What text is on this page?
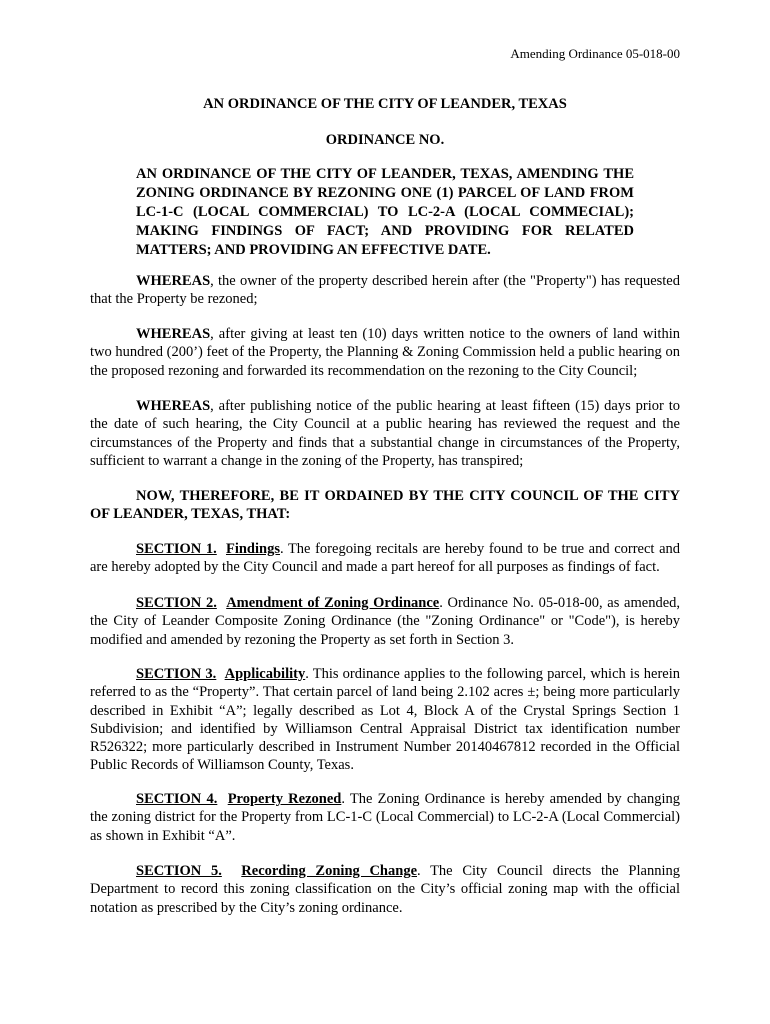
Amending Ordinance 05-018-00
AN ORDINANCE OF THE CITY OF LEANDER, TEXAS
ORDINANCE NO.
AN ORDINANCE OF THE CITY OF LEANDER, TEXAS, AMENDING THE ZONING ORDINANCE BY REZONING ONE (1) PARCEL OF LAND FROM LC-1-C (LOCAL COMMERCIAL) TO LC-2-A (LOCAL COMMECIAL); MAKING FINDINGS OF FACT; AND PROVIDING FOR RELATED MATTERS; AND PROVIDING AN EFFECTIVE DATE.
WHEREAS, the owner of the property described herein after (the "Property") has requested that the Property be rezoned;
WHEREAS, after giving at least ten (10) days written notice to the owners of land within two hundred (200’) feet of the Property, the Planning & Zoning Commission held a public hearing on the proposed rezoning and forwarded its recommendation on the rezoning to the City Council;
WHEREAS, after publishing notice of the public hearing at least fifteen (15) days prior to the date of such hearing, the City Council at a public hearing has reviewed the request and the circumstances of the Property and finds that a substantial change in circumstances of the Property, sufficient to warrant a change in the zoning of the Property, has transpired;
NOW, THEREFORE, BE IT ORDAINED BY THE CITY COUNCIL OF THE CITY OF LEANDER, TEXAS, THAT:
SECTION 1. Findings. The foregoing recitals are hereby found to be true and correct and are hereby adopted by the City Council and made a part hereof for all purposes as findings of fact.
SECTION 2. Amendment of Zoning Ordinance. Ordinance No. 05-018-00, as amended, the City of Leander Composite Zoning Ordinance (the "Zoning Ordinance" or "Code"), is hereby modified and amended by rezoning the Property as set forth in Section 3.
SECTION 3. Applicability. This ordinance applies to the following parcel, which is herein referred to as the “Property”. That certain parcel of land being 2.102 acres ±; being more particularly described in Exhibit “A”; legally described as Lot 4, Block A of the Crystal Springs Section 1 Subdivision; and identified by Williamson Central Appraisal District tax identification number R526322; more particularly described in Instrument Number 20140467812 recorded in the Official Public Records of Williamson County, Texas.
SECTION 4. Property Rezoned. The Zoning Ordinance is hereby amended by changing the zoning district for the Property from LC-1-C (Local Commercial) to LC-2-A (Local Commercial) as shown in Exhibit “A”.
SECTION 5. Recording Zoning Change. The City Council directs the Planning Department to record this zoning classification on the City’s official zoning map with the official notation as prescribed by the City’s zoning ordinance.
